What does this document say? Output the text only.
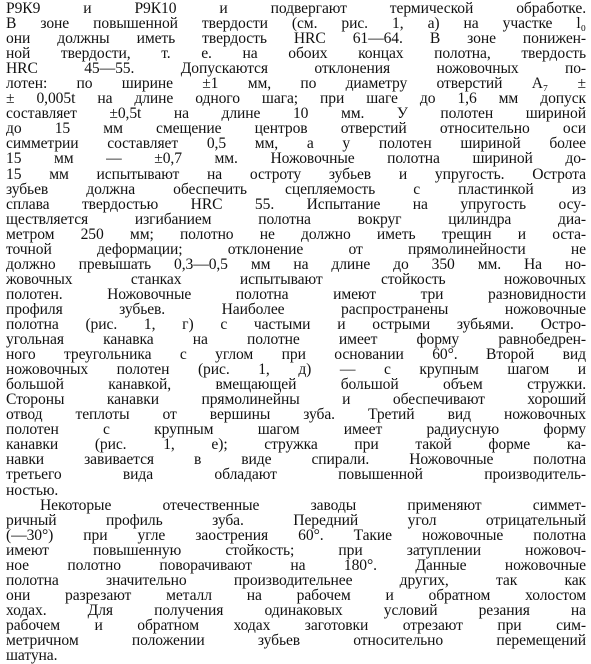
Р9К9 и Р9К10 и подвергают термической обработке.
В зоне повышенной твердости (см. рис. 1, а) на участке l₀
они должны иметь твердость HRC 61—64. В зоне понижен-
ной твердости, т. е. на обоих концах полотна, твердость
HRC 45—55. Допускаются отклонения ножовочных по-
лотен: по ширине ±1 мм, по диаметру отверстий A₇ ±
± 0,005t на длине одного шага; при шаге до 1,6 мм допуск
составляет ±0,5t на длине 10 мм. У полотен шириной
до 15 мм смещение центров отверстий относительно оси
симметрии составляет 0,5 мм, а у полотен шириной более
15 мм — ±0,7 мм. Ножовочные полотна шириной до-
15 мм испытывают на остроту зубьев и упругость. Острота
зубьев должна обеспечить сцепляемость с пластинкой из
сплава твердостью HRC 55. Испытание на упругость осу-
ществляется изгибанием полотна вокруг цилиндра диа-
метром 250 мм; полотно не должно иметь трещин и оста-
точной деформации; отклонение от прямолинейности не
должно превышать 0,3—0,5 мм на длине до 350 мм. На но-
жовочных станках испытывают стойкость ножовочных
полотен. Ножовочные полотна имеют три разновидности
профиля зубьев. Наиболее распространены ножовочные
полотна (рис. 1, г) с частыми и острыми зубьями. Остро-
угольная канавка на полотне имеет форму равнобедрен-
ного треугольника с углом при основании 60°. Второй вид
ножовочных полотен (рис. 1, д) — с крупным шагом и
большой канавкой, вмещающей большой объем стружки.
Стороны канавки прямолинейны и обеспечивают хороший
отвод теплоты от вершины зуба. Третий вид ножовочных
полотен с крупным шагом имеет радиусную форму
канавки (рис. 1, е); стружка при такой форме ка-
навки завивается в виде спирали. Ножовочные полотна
третьего вида обладают повышенной производитель-
ностью.
Некоторые отечественные заводы применяют симмет-
ричный профиль зуба. Передний угол отрицательный
(—30°) при угле заострения 60°. Такие ножовочные полотна
имеют повышенную стойкость; при затуплении ножовоч-
ное полотно поворачивают на 180°. Данные ножовочные
полотна значительно производительнее других, так как
они разрезают металл на рабочем и обратном холостом
ходах. Для получения одинаковых условий резания на
рабочем и обратном ходах заготовки отрезают при сим-
метричном положении зубьев относительно перемещений
шатуна.
